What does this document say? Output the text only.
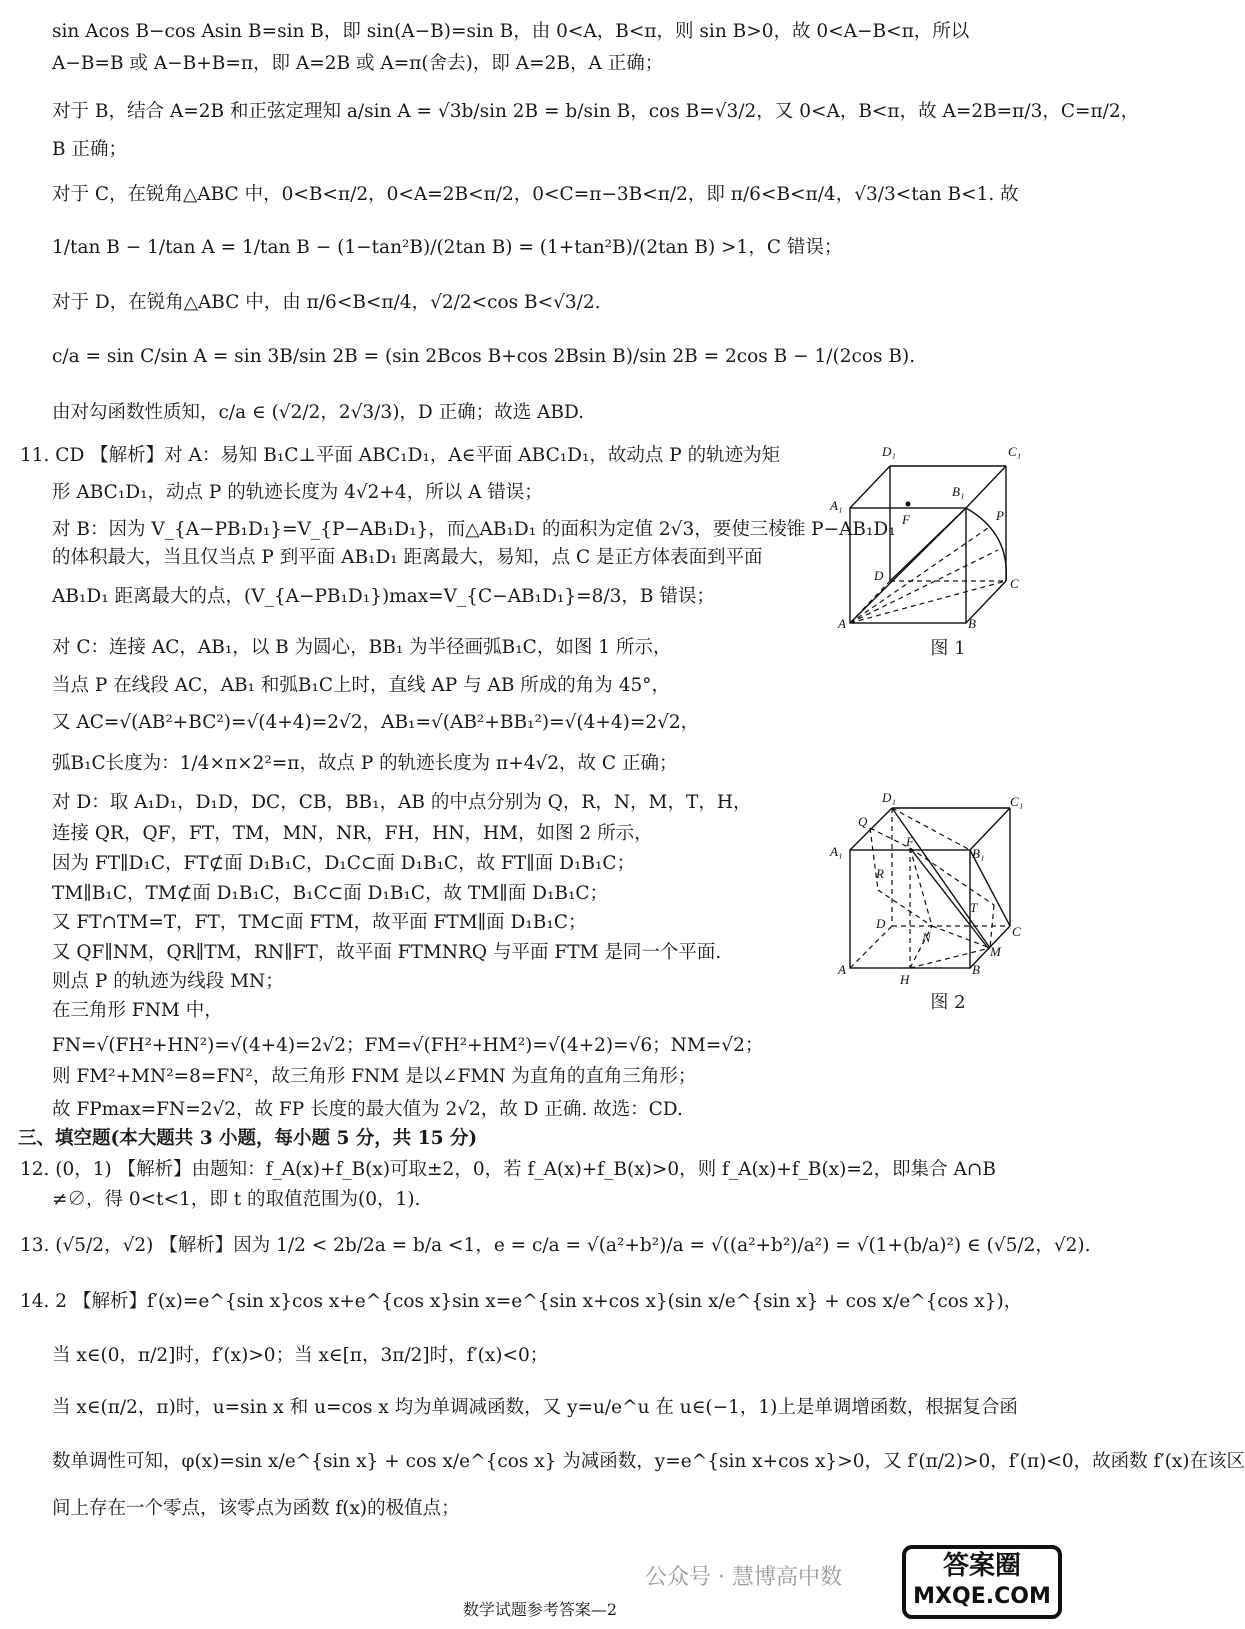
sin Acos B−cos Asin B=sin B，即 sin(A−B)=sin B，由 0<A，B<π，则 sin B>0，故 0<A−B<π，所以

A−B=B 或 A−B+B=π，即 A=2B 或 A=π(舍去)，即 A=2B，A 正确；

对于 B，结合 A=2B 和正弦定理知 a/sin A = √3b/sin 2B = b/sin B，cos B=√3/2，又 0<A，B<π，故 A=2B=π/3，C=π/2，

B 正确；

对于 C，在锐角△ABC 中，0<B<π/2，0<A=2B<π/2，0<C=π−3B<π/2，即 π/6<B<π/4，√3/3<tan B<1. 故

1/tan B − 1/tan A = 1/tan B − (1−tan²B)/(2tan B) = (1+tan²B)/(2tan B) >1，C 错误；

对于 D，在锐角△ABC 中，由 π/6<B<π/4，√2/2<cos B<√3/2.

c/a = sin C/sin A = sin 3B/sin 2B = (sin 2Bcos B+cos 2Bsin B)/sin 2B = 2cos B − 1/(2cos B).

由对勾函数性质知，c/a ∈ (√2/2，2√3/3)，D 正确；故选 ABD.

11. CD 【解析】对 A：易知 B₁C⊥平面 ABC₁D₁，A∈平面 ABC₁D₁，故动点 P 的轨迹为矩

形 ABC₁D₁，动点 P 的轨迹长度为 4√2+4，所以 A 错误；

对 B：因为 V_{A−PB₁D₁}=V_{P−AB₁D₁}，而△AB₁D₁ 的面积为定值 2√3，要使三棱锥 P−AB₁D₁

的体积最大，当且仅当点 P 到平面 AB₁D₁ 距离最大，易知，点 C 是正方体表面到平面

AB₁D₁ 距离最大的点，(V_{A−PB₁D₁})max=V_{C−AB₁D₁}=8/3，B 错误；

对 C：连接 AC，AB₁，以 B 为圆心，BB₁ 为半径画弧B₁C，如图 1 所示，

当点 P 在线段 AC，AB₁ 和弧B₁C上时，直线 AP 与 AB 所成的角为 45°，

又 AC=√(AB²+BC²)=√(4+4)=2√2，AB₁=√(AB²+BB₁²)=√(4+4)=2√2，

弧B₁C长度为：1/4×π×2²=π，故点 P 的轨迹长度为 π+4√2，故 C 正确；

对 D：取 A₁D₁，D₁D，DC，CB，BB₁，AB 的中点分别为 Q，R，N，M，T，H，

连接 QR，QF，FT，TM，MN，NR，FH，HN，HM，如图 2 所示，

因为 FT∥D₁C，FT⊄面 D₁B₁C，D₁C⊂面 D₁B₁C，故 FT∥面 D₁B₁C；

TM∥B₁C，TM⊄面 D₁B₁C，B₁C⊂面 D₁B₁C，故 TM∥面 D₁B₁C；

又 FT∩TM=T，FT，TM⊂面 FTM，故平面 FTM∥面 D₁B₁C；

又 QF∥NM，QR∥TM，RN∥FT，故平面 FTMNRQ 与平面 FTM 是同一个平面.

则点 P 的轨迹为线段 MN；

在三角形 FNM 中，

FN=√(FH²+HN²)=√(4+4)=2√2；FM=√(FH²+HM²)=√(4+2)=√6；NM=√2；

则 FM²+MN²=8=FN²，故三角形 FNM 是以∠FMN 为直角的直角三角形；

故 FPmax=FN=2√2，故 FP 长度的最大值为 2√2，故 D 正确. 故选：CD.

三、填空题(本大题共 3 小题，每小题 5 分，共 15 分)

12. (0，1) 【解析】由题知：f_A(x)+f_B(x)可取±2，0，若 f_A(x)+f_B(x)>0，则 f_A(x)+f_B(x)=2，即集合 A∩B

≠∅，得 0<t<1，即 t 的取值范围为(0，1).

13. (√5/2，√2) 【解析】因为 1/2 < 2b/2a = b/a <1，e = c/a = √(a²+b²)/a = √((a²+b²)/a²) = √(1+(b/a)²) ∈ (√5/2，√2).

14. 2 【解析】f′(x)=e^{sin x}cos x+e^{cos x}sin x=e^{sin x+cos x}(sin x/e^{sin x} + cos x/e^{cos x})，

当 x∈(0，π/2]时，f′(x)>0；当 x∈[π，3π/2]时，f′(x)<0；

当 x∈(π/2，π)时，u=sin x 和 u=cos x 均为单调减函数，又 y=u/e^u 在 u∈(−1，1)上是单调增函数，根据复合函

数单调性可知，φ(x)=sin x/e^{sin x} + cos x/e^{cos x} 为减函数，y=e^{sin x+cos x}>0，又 f′(π/2)>0，f′(π)<0，故函数 f′(x)在该区

间上存在一个零点，该零点为函数 f(x)的极值点；

D₁	C₁
A₁
B₁
F	P
D
C
A	B
图 1
D₁	C₁
Q
A₁
F
B₁
R
T
D
N	C
M
A
H
B
图 2
公众号 · 慧博高中数	答案圈
MXQE.COM
数学试题参考答案—2
